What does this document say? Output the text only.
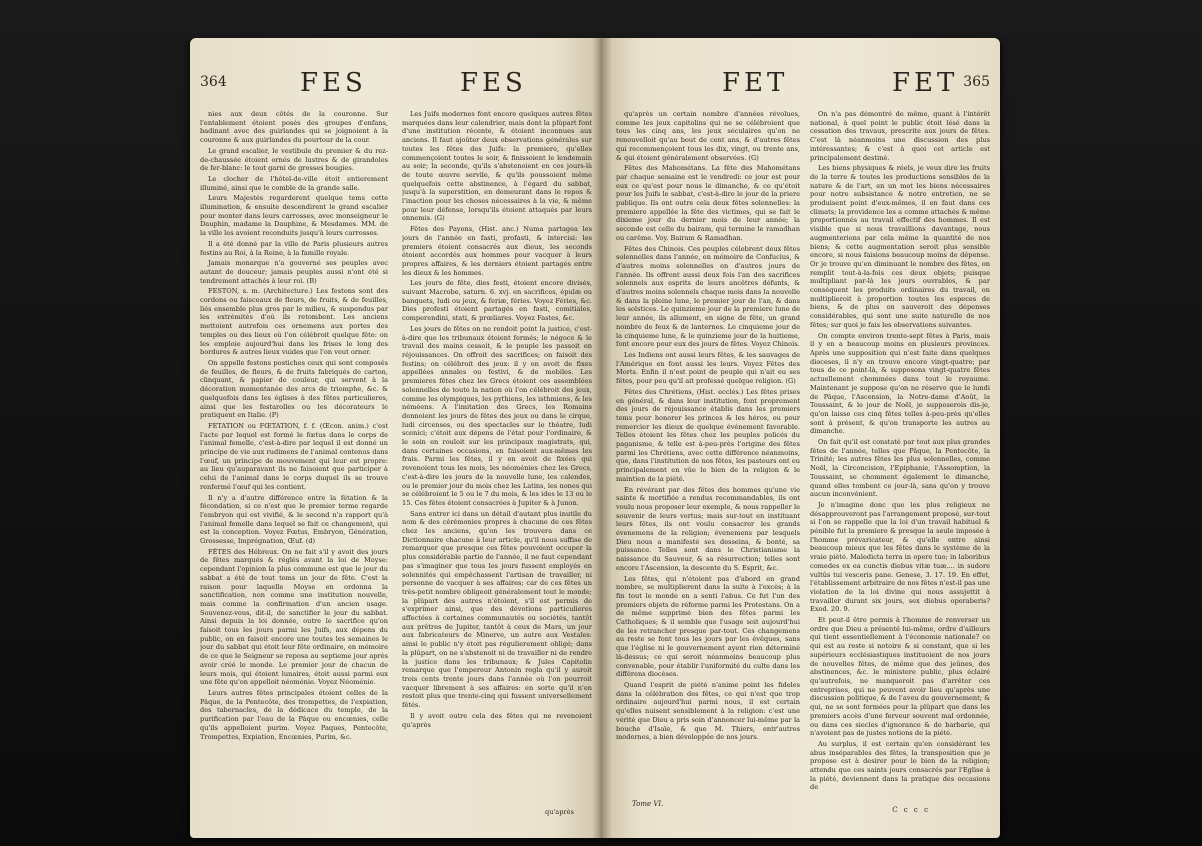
364	FES	FES

nies aux deux côtés de la couronne. Sur l'entablement étoient posés des groupes d'enfans, badinant avec des guirlandes qui se joignoient à la couronne & aux guirlandes du pourtour de la cour.

Le grand escalier, le vestibule du premier & du rez-de-chaussée étoient ornés de lustres & de girandoles de fer-blanc: le tout garni de grosses bougies.

Le clocher de l'hôtel-de-ville étoit entierement illuminé, ainsi que le comble de la grande salle.

Leurs Majestés regarderent quelque tems cette illumination, & ensuite descendirent le grand escalier pour monter dans leurs carrosses, avec monseigneur le Dauphin, madame la Dauphine, & Mesdames. MM. de la ville les avoient reconduits jusqu'à leurs carrosses.

Il a été donné par la ville de Paris plusieurs autres festins au Roi, à la Reine, à la famille royale.

Jamais monarque n'a gouverné ses peuples avec autant de douceur; jamais peuples aussi n'ont été si tendrement attachés à leur roi. (B)

FESTON, s. m. (Architecture.) Les festons sont des cordons ou faisceaux de fleurs, de fruits, & de feuilles, liés ensemble plus gros par le milieu, & suspendus par les extrémités d'où ils retombent. Les anciens mettoient autrefois ces ornemens aux portes des temples ou des lieux où l'on célébroit quelque fête: on les emploie aujourd'hui dans les frises le long des bordures & autres lieux vuides que l'on veut orner.

On appelle festons postiches ceux qui sont composés de feuilles, de fleurs, & de fruits fabriqués de carton, clinquant, & papier de couleur, qui servent à la décoration momentanée des arcs de triomphe, &c. & quelquefois dans les églises à des fêtes particulieres, ainsi que les festarolles ou les décorateurs le pratiquent en Italie. (P)

FETATION ou FŒTATION, f. f. (Œcon. anim.) c'est l'acte par lequel est formé le fœtus dans le corps de l'animal femelle, c'est-à-dire par lequel il est donné un principe de vie aux rudimens de l'animal contenus dans l'œuf, un principe de mouvement qui leur est propre: au lieu qu'auparavant ils ne faisoient que participer à celui de l'animal dans le corps duquel ils se trouve renfermé l'œuf qui les contient.

Il n'y a d'autre différence entre la fétation & la fécondation, si ce n'est que le premier terme regarde l'embryon qui est vivifié, & le second n'a rapport qu'à l'animal femelle dans lequel se fait ce changement, qui est la conception. Voyez Fœtus, Embryon, Génération, Grossesse, Imprégnation, Œuf. (d)

FÊTES des Hébreux. On ne fait s'il y avoit des jours de fêtes marqués & réglés avant la loi de Moyse: cependant l'opinion la plus commune est que le jour du sabbat a été de tout tems un jour de fête. C'est la raison pour laquelle Moyse en ordonna la sanctification, non comme une institution nouvelle, mais comme la confirmation d'un ancien usage. Souvenez-vous, dit-il, de sanctifier le jour du sabbat. Ainsi depuis la loi donnée, outre le sacrifice qu'on faisoit tous les jours parmi les Juifs, aux dépens du public, on en faisoit encore une toutes les semaines le jour du sabbat qui étoit leur fête ordinaire, en mémoire de ce que le Seigneur se reposa au septieme jour après avoir créé le monde. Le premier jour de chacun de leurs mois, qui étoient lunaires, étoit aussi parmi eux une fête qu'on appelloit néoménie. Voyez Néoménie.

Leurs autres fêtes principales étoient celles de la Pâque, de la Pentecôte, des trompettes, de l'expiation, des tabernacles, de la dédicace du temple, de la purification par l'eau de la Pâque ou encœnies, celle qu'ils appelloient purim. Voyez Paques, Pentecôte, Trompettes, Expiation, Encœnies, Purim, &c.

Les Juifs modernes font encore quelques autres fêtes marquées dans leur calendrier, mais dont la plûpart font d'une institution récente, & étoient inconnues aux anciens. Il faut ajoûter deux observations générales sur toutes les fêtes des Juifs: la premiere, qu'elles commençoient toutes le soir, & finissoient le lendemain au soir; la seconde, qu'ils s'abstenoient en ces jours-là de toute œuvre servile, & qu'ils poussoient même quelquefois cette abstinence, à l'égard du sabbat, jusqu'à la superstition, en demeurant dans le repos & l'inaction pour les choses nécessaires à la vie, & même pour leur défense, lorsqu'ils étoient attaqués par leurs ennemis. (G)

Fêtes des Payens, (Hist. anc.) Numa partagea les jours de l'année en fasti, profasti, & intercisi: les premiers étoient consacrés aux dieux, les seconds étoient accordés aux hommes pour vacquer à leurs propres affaires, & les derniers étoient partagés entre les dieux & les hommes.

Les jours de fête, dies festi, étoient encore divisés, suivant Macrobe, saturn. 6. xvj. en sacrifices, épulæ ou banquets, ludi ou jeux, & feriæ, féries. Voyez Féries, &c. Dies profesti étoient partagés en fasti, comitiales, comperendini, stati, & prœliares. Voyez Fastes, &c.

Les jours de fêtes on ne rendoit point la justice, c'est-à-dire que les tribunaux étoient fermés; le négoce & le travail des mains cessoit, & le peuple les passoit en réjouissances. On offroit des sacrifices; on faisoit des festins; on célébroit des jeux: il y en avoit de fixes appellées annales ou festivi, & de mobiles. Les premieres fêtes chez les Grecs étoient ces assemblées solennelles de toute la nation où l'on célébroit des jeux, comme les olympiques, les pythiens, les isthmiens, & les néméens. A l'imitation des Grecs, les Romains donnoient les jours de fêtes des jeux ou dans le cirque, ludi circenses, ou des spectacles sur le théatre, ludi scenici; c'étoit aux dépens de l'état pour l'ordinaire, & le soin en rouloit sur les principaux magistrats, qui, dans certaines occasions, en faisoient aux-mêmes les frais. Parmi les fêtes, il y en avoit de fixées qui revenoient tous les mois, les néoménies chez les Grecs, c'est-à-dire les jours de la nouvelle lune, les calendes, ou le premier jour du mois chez les Latins, les nones qui se célébroient le 5 ou le 7 du mois, & les ides le 13 ou le 15. Ces fêtes étoient consacrées à Jupiter & à Junon.

Sans entrer ici dans un détail d'autant plus inutile du nom & des cérémonies propres à chacune de ces fêtes chez les anciens, qu'on les trouvera dans ce Dictionnaire chacune à leur article, qu'il nous suffise de remarquer que presque ces fêtes pouvoient occuper la plus considérable partie de l'année, il ne faut cependant pas s'imaginer que tous les jours fussent employés en solennités qui empêchassent l'artisan de travailler, ni personne de vacquer à ses affaires; car de ces fêtes un très-petit nombre obligeoit généralement tout le monde; la plûpart des autres n'étoient, s'il est permis de s'exprimer ainsi, que des dévotions particulieres affectées à certaines communautés ou sociétés, tantôt aux prêtres de Jupiter, tantôt à ceux de Mars, un jour aux fabricateurs de Minerve, un autre aux Vestales: ainsi le public n'y étoit pas régulierement obligé; dans la plûpart, on ne s'abstenoit ni de travailler ni de rendre la justice dans les tribunaux; & Jules Capitolin remarque que l'empereur Antonin regla qu'il y auroit trois cents trente jours dans l'année où l'on pourroit vacquer librement à ses affaires: en sorte qu'il n'en restoit plus que trente-cinq qui fussent universellement fêtés.

Il y avoit outre cela des fêtes qui ne revenoient qu'après

qu'après
FET	FET 365

qu'après un certain nombre d'années révolues, comme les jeux capitolins qui ne se célébroient que tous les cinq ans, les jeux séculaires qu'on ne renouvelloit qu'au bout de cent ans, & d'autres fêtes qui recommençoient tous les dix, vingt, ou trente ans, & qui étoient généralement observées. (G)

Fêtes des Mahométans. La fête des Mahométans par chaque semaine est le vendredi: ce jour est pour eux ce qu'est pour nous le dimanche, & ce qu'étoit pour les Juifs le sabbat, c'est-à-dire le jour de la priere publique. Ils ont outre cela deux fêtes solennelles: la premiere appellée la fête des victimes, qui se fait le dixieme jour du dernier mois de leur année; la seconde est celle du bairam, qui termine le ramadhan ou carême. Voy. Bairam & Ramadhan.

Fêtes des Chinois. Ces peuples célebrent deux fêtes solennelles dans l'année, en mémoire de Confucius, & d'autres moins solennelles en d'autres jours de l'année. Ils offrent aussi deux fois l'an des sacrifices solennels aux esprits de leurs ancêtres défunts, & d'autres moins solennels chaque mois dans la nouvelle & dans la pleine lune, le premier jour de l'an, & dans les solstices. Le quinzieme jour de la premiere lune de leur année, ils allument, en signe de fête, un grand nombre de feux & de lanternes. Le cinquieme jour de la cinquieme lune, & le quinzieme jour de la huitieme, font encore pour eux des jours de fêtes. Voyez Chinois.

Les Indiens ont aussi leurs fêtes, & les sauvages de l'Amérique en font aussi les leurs. Voyez Fêtes des Morts. Enfin il n'est point de peuple qui n'ait eu ses fêtes, pour peu qu'il ait professé quelque religion. (G)

Fêtes des Chrétiens, (Hist. ecclés.) Les fêtes prises en général, & dans leur institution, font proprement des jours de réjouissance établis dans les premiers tems pour honorer les princes & les héros, ou pour remercier les dieux de quelque événement favorable. Telles étoient les fêtes chez les peuples policés du paganisme, & telle est à-peu-près l'origine des fêtes parmi les Chrétiens, avec cette différence néanmoins, que, dans l'institution de nos fêtes, les pasteurs ont eu principalement en vûe le bien de la religion & le maintien de la piété.

En révérant par des fêtes des hommes qu'une vie sainte & mortifiée a rendus recommandables, ils ont voulu nous proposer leur exemple, & nous rappeller le souvenir de leurs vertus; mais sur-tout en instituant leurs fêtes, ils ont voulu consacrer les grands évenemens de la religion; évenemens par lesquels Dieu nous a manifesté ses desseins, & bonté, sa puissance. Telles sont dans le Christianisme la naissance du Sauveur, & sa résurrection; telles sont encore l'Ascension, la descente du S. Esprit, &c.

Les fêtes, qui n'étoient pas d'abord en grand nombre, se multiplierent dans la suite à l'excès; à la fin tout le monde en a senti l'abus. Ce fut l'un des premiers objets de réforme parmi les Protestans. On a de même supprimé bien des fêtes parmi les Catholiques; & il semble que l'usage soit aujourd'hui de les retrancher presque par-tout. Ces changemens au reste se font tous les jours par les évêques, sans que l'église ni le gouvernement ayent rien déterminé là-dessus; ce qui seroit néanmoins beaucoup plus convenable, pour établir l'uniformité du culte dans les différens diocèses.

Quand l'esprit de piété n'anime point les fideles dans la célébration des fêtes, ce qui n'est que trop ordinaire aujourd'hui parmi nous, il est certain qu'elles nuisent sensiblement à la religion: c'est une vérité que Dieu a pris soin d'annoncer lui-même par la bouche d'Isaïe, & que M. Thiers, entr'autres modernes, a bien développée de nos jours.

On n'a pas démontré de même, quant à l'intérêt national, à quel point le public étoit lésé dans la cessation des travaux, prescrite aux jours de fêtes. C'est là néanmoins une discussion des plus intéressantes; & c'est à quoi cet article est principalement destiné.

Les biens physiques & réels, je veux dire les fruits de la terre & toutes les productions sensibles de la nature & de l'art, en un mot les biens nécessaires pour notre subsistance & notre entretien, ne se produisent point d'eux-mêmes, il en faut dans ces climats; la providence les a comme attachés & même proportionnés au travail effectif des hommes. Il est visible que si nous travaillions davantage, nous augmenterions par cela même la quantité de nos biens; & cette augmentation seroit plus sensible encore, si nous faisions beaucoup moins de dépense. Or je trouve qu'en diminuant le nombre des fêtes, on remplit tout-à-la-fois ces deux objets; puisque multipliant par-là les jours ouvrables, & par conséquent les produits ordinaires du travail, on multiplieroit à proportion toutes les especes de biens, & de plus on sauveroit des dépenses considérables, qui sont une suite naturelle de nos fêtes; sur quoi je fais les observations suivantes.

On compte environ trente-sept fêtes à Paris, mais il y en a beaucoup moins en plusieurs provinces. Après une supposition qui n'est faite dans quelques dioceses, il n'y en trouve encore vingt-quatre; par tous de ce point-là, & supposons vingt-quatre fêtes actuellement chommées dans tout le royaume. Maintenant je suppose qu'on ne réserve que le lundi de Pâque, l'Ascension, la Notre-dame d'Août, la Toussaint, & le jour de Noël, je supposerois dis-je, qu'on laisse ces cinq fêtes telles à-peu-près qu'elles sont à présent, & qu'on transporte les autres au dimanche.

On fait qu'il est constaté par tout aux plus grandes fêtes de l'année, telles que Pâque, la Pentecôte, la Trinité; les autres fêtes les plus solennelles, comme Noël, la Circoncision, l'Epiphanie, l'Assomption, la Toussaint, se chomment également le dimanche, quand elles tombent ce jour-là, sans qu'on y trouve aucun inconvénient.

Je n'imagine donc que les plus religieux ne désapprouveront pas l'arrangement proposé, sur-tout si l'on se rappelle que la loi d'un travail habituel & pénible fut la premiere & presque la seule imposée à l'homme prévaricateur, & qu'elle entre ainsi beaucoup mieux que les fêtes dans le système de la vraie piété. Maledicta terra in opere tuo; in laboribus comedes ex ea cunctis diebus vitæ tuæ.... in sudore vultûs tui vesceris pane. Genese, 3. 17. 19. En effet, l'établissement arbitraire de nos fêtes n'est-il pas une violation de la loi divine qui nous assujettit à travailler durant six jours, sex diebus operaberis? Exod. 20. 9.

Et peut-il être permis à l'homme de renverser un ordre que Dieu a présenté lui-même, ordre d'ailleurs qui tient essentiellement à l'économie nationale? ce qui est au reste si notoire & si constant, que si les supérieurs ecclésiastiques instituoient de nos jours de nouvelles fêtes, de même que des jeûnes, des abstinences, &c. le ministere public, plus éclairé qu'autrefois, ne manqueroit pas d'arrêter ces entreprises, qui ne peuvent avoir lieu qu'après une discussion politique, & de l'aveu du gouvernement; & qui, ne se sont formées pour la plûpart que dans les premiers accès d'une ferveur souvent mal ordonnée, ou dans ces siecles d'ignorance & de barbarie, qui n'avoient pas de justes notions de la piété.

Au surplus, il est certain qu'en considérant les abus inséparables des fêtes, la transposition que je propose est à desirer pour le bien de la religion; attendu que ces saints jours consacrés par l'Eglise à la piété, deviennent dans la pratique des occasions de

Tome VI.
C c c c
